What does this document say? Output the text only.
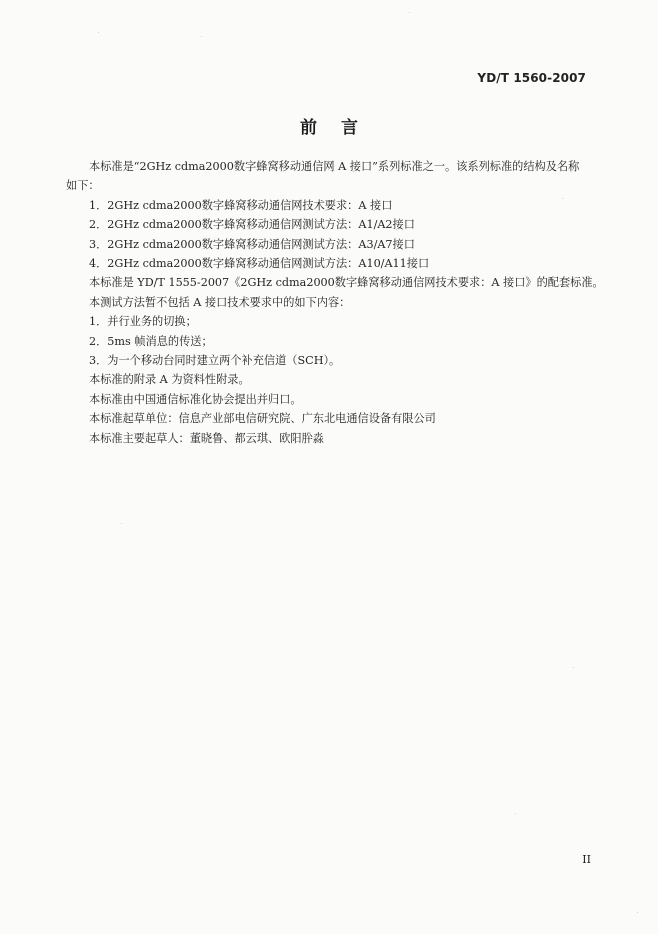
YD/T 1560-2007
前言

本标准是“2GHz cdma2000数字蜂窝移动通信网 A 接口”系列标准之一。该系列标准的结构及名称

如下：

1．2GHz cdma2000数字蜂窝移动通信网技术要求：A 接口

2．2GHz cdma2000数字蜂窝移动通信网测试方法：A1/A2接口

3．2GHz cdma2000数字蜂窝移动通信网测试方法：A3/A7接口

4．2GHz cdma2000数字蜂窝移动通信网测试方法：A10/A11接口

本标准是 YD/T 1555-2007《2GHz cdma2000数字蜂窝移动通信网技术要求：A 接口》的配套标准。

本测试方法暂不包括 A 接口技术要求中的如下内容：

1．并行业务的切换；

2．5ms 帧消息的传送；

3．为一个移动台同时建立两个补充信道（SCH）。

本标准的附录 A 为资料性附录。

本标准由中国通信标准化协会提出并归口。

本标准起草单位：信息产业部电信研究院、广东北电通信设备有限公司

本标准主要起草人：董晓鲁、都云琪、欧阳肸淼

II
